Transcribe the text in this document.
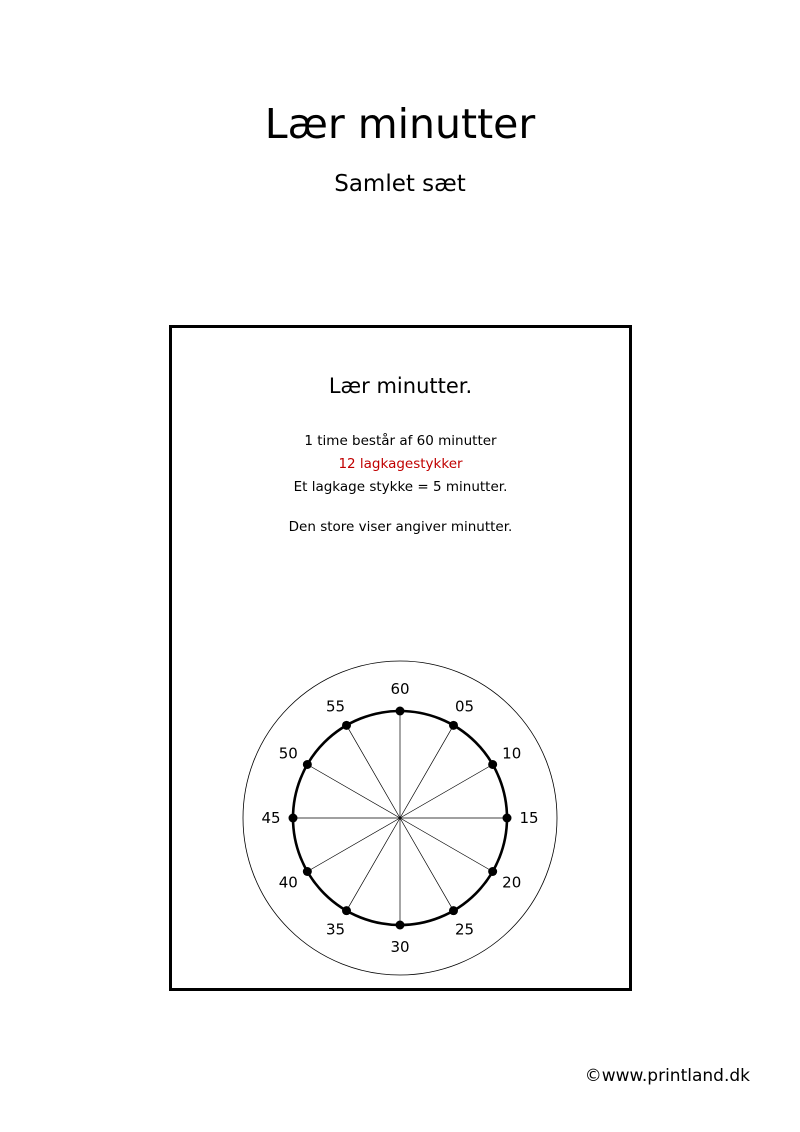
Lær minutter
Samlet sæt
Lær minutter.
1 time består af 60 minutter
12 lagkagestykker
Et lagkage stykke = 5 minutter.
Den store viser angiver minutter.
60
05
10
15
20
25
30
35
40
45
50
55
©www.printland.dk
